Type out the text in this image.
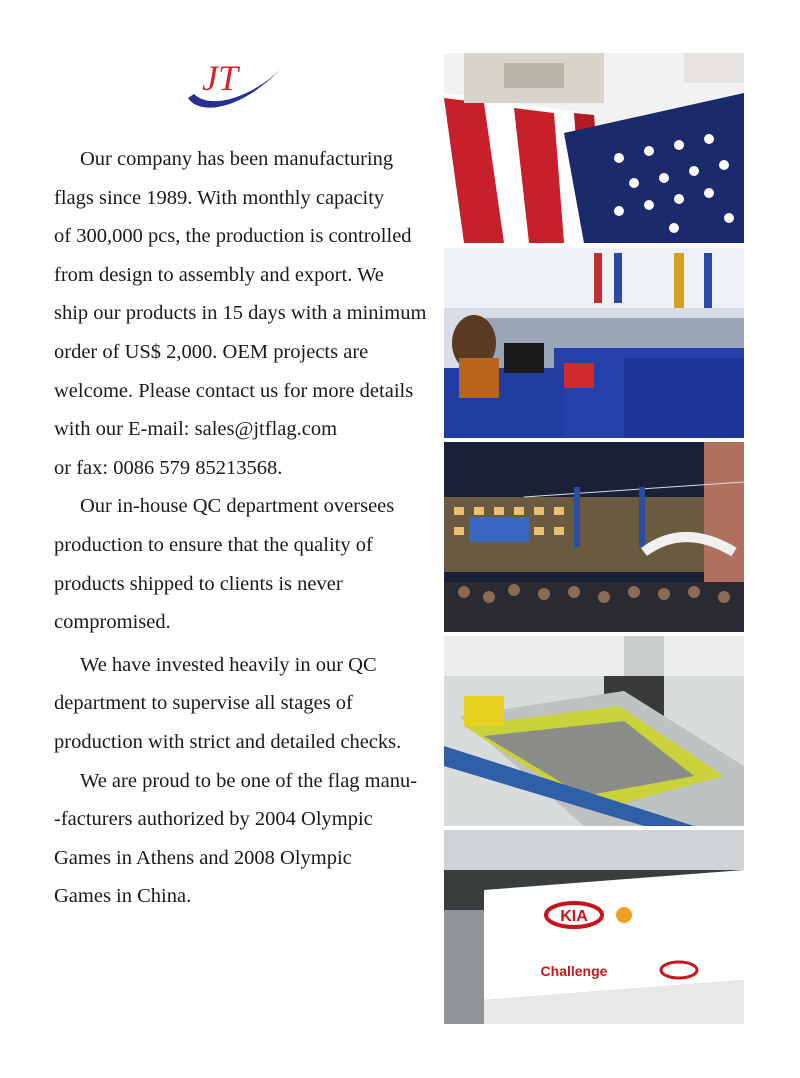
JT
Our company has been manufacturing
flags since 1989. With monthly capacity
of 300,000 pcs, the production is controlled
from design to assembly and export. We
ship our products in 15 days with a minimum
order of US$ 2,000. OEM projects are
welcome. Please contact us for more details
with our E-mail: sales@jtflag.com
or fax: 0086 579 85213568.
Our in-house QC department oversees
production to ensure that the quality of
products shipped to clients is never
compromised.
We have invested heavily in our QC
department to supervise all stages of
production with strict and detailed checks.
We are proud to be one of the flag manu-
-facturers authorized by 2004 Olympic
Games in Athens and 2008 Olympic
Games in China.
KIA
Challenge
